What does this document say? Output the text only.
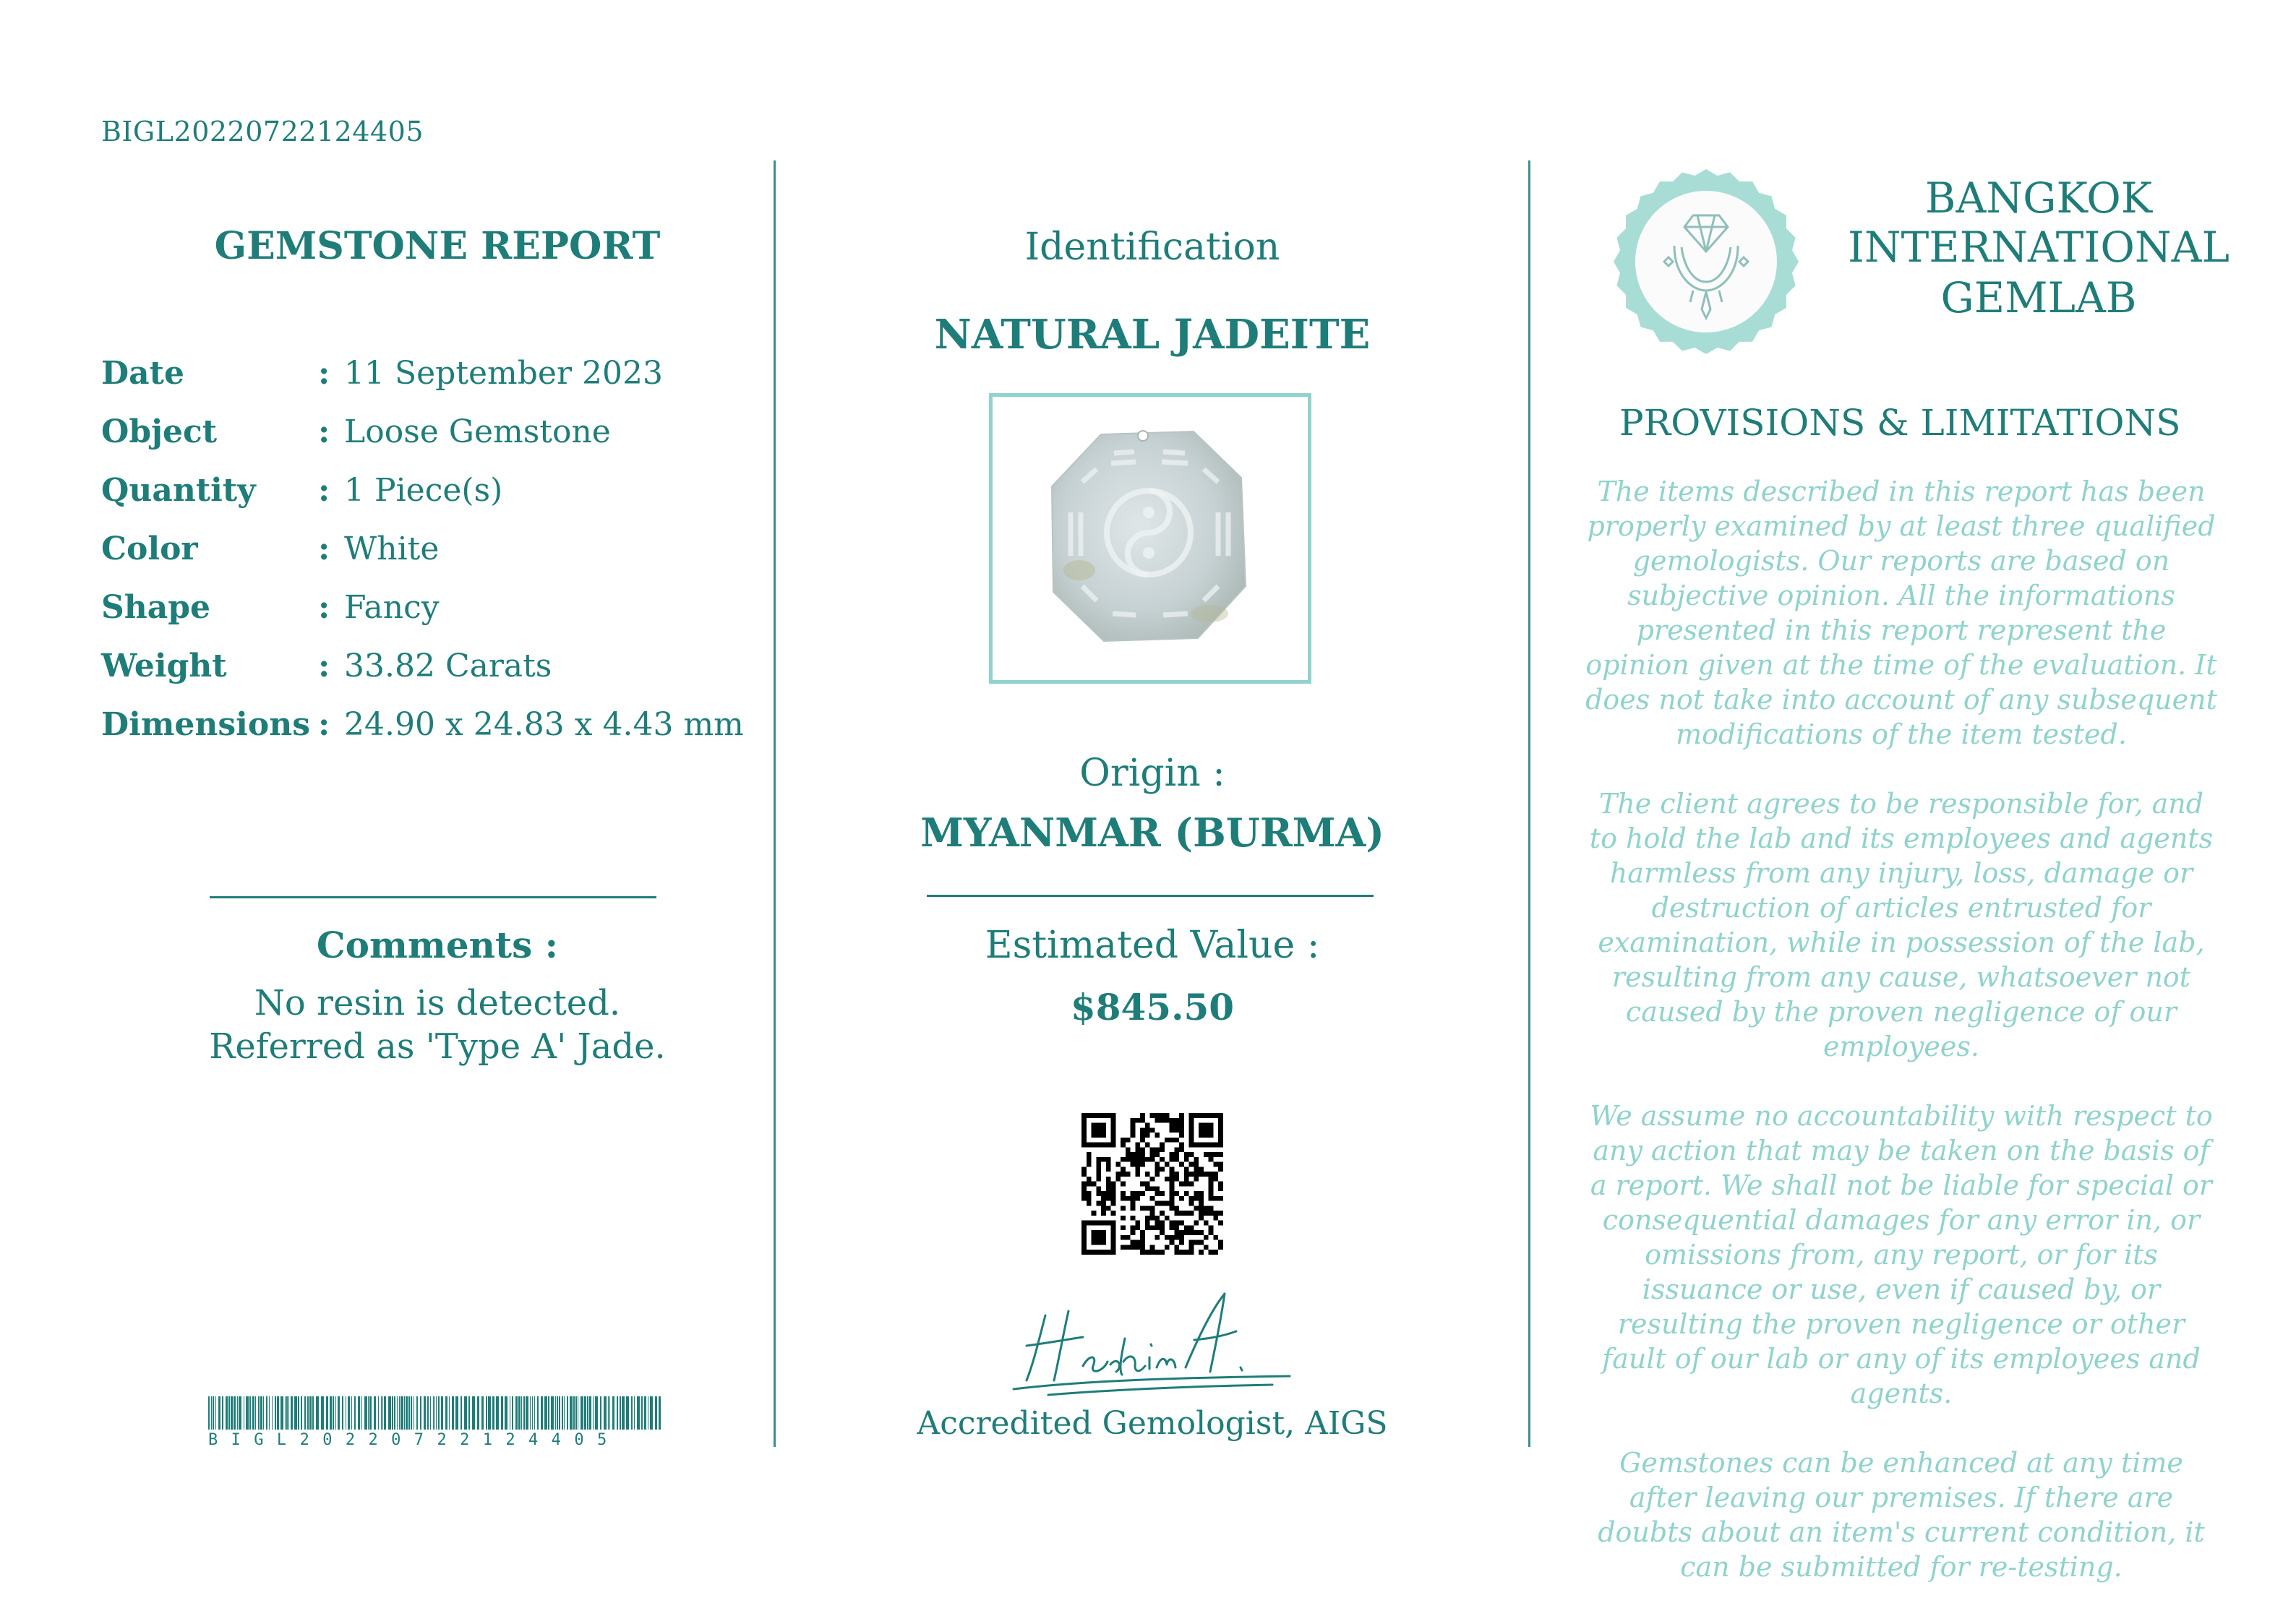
BIGL20220722124405
GEMSTONE REPORT
Date	: 11 September 2023
Object	: Loose Gemstone
Quantity	: 1 Piece(s)
Color	: White
Shape	: Fancy
Weight	: 33.82 Carats
Dimensions : 24.90 x 24.83 x 4.43 mm
Comments :
No resin is detected.
Referred as 'Type A' Jade.
BIGL20220722124405
Identification
NATURAL JADEITE
Origin :
MYANMAR (BURMA)
Estimated Value :
$845.50
Accredited Gemologist, AIGS
BANGKOK
INTERNATIONAL
GEMLAB
PROVISIONS & LIMITATIONS

The items described in this report has been properly examined by at least three qualified gemologists. Our reports are based on subjective opinion. All the informations presented in this report represent the opinion given at the time of the evaluation. It does not take into account of any subsequent modifications of the item tested.

The client agrees to be responsible for, and to hold the lab and its employees and agents harmless from any injury, loss, damage or destruction of articles entrusted for examination, while in possession of the lab, resulting from any cause, whatsoever not caused by the proven negligence of our employees.

We assume no accountability with respect to any action that may be taken on the basis of a report. We shall not be liable for special or consequential damages for any error in, or omissions from, any report, or for its issuance or use, even if caused by, or resulting the proven negligence or other fault of our lab or any of its employees and agents.

Gemstones can be enhanced at any time after leaving our premises. If there are doubts about an item's current condition, it can be submitted for re-testing.
